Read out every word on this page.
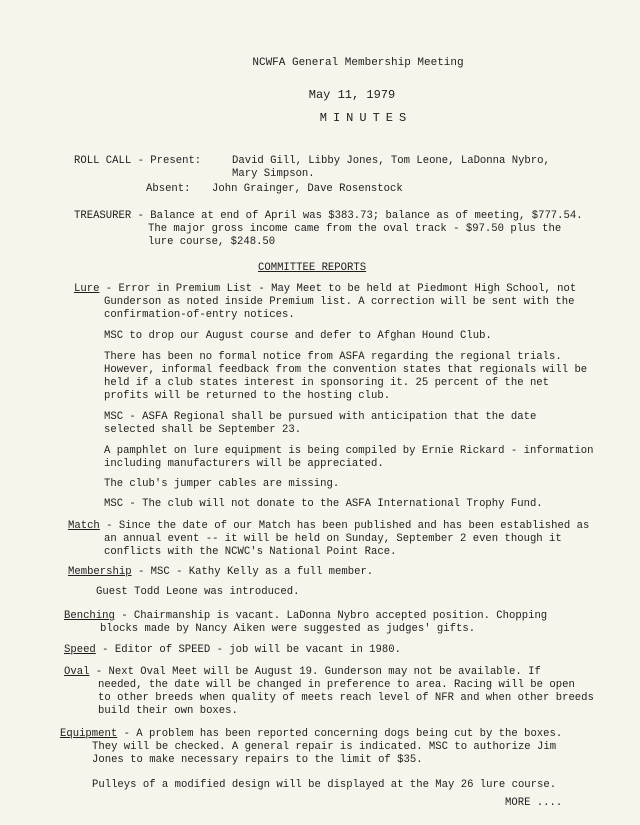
NCWFA General Membership Meeting
May 11, 1979
MINUTES
ROLL CALL - Present:	David Gill, Libby Jones, Tom Leone, LaDonna Nybro,
Mary Simpson.
Absent: John Grainger, Dave Rosenstock
TREASURER - Balance at end of April was $383.73; balance as of meeting, $777.54.
The major gross income came from the oval track - $97.50 plus the
lure course, $248.50
COMMITTEE REPORTS
Lure - Error in Premium List - May Meet to be held at Piedmont High School, not
Gunderson as noted inside Premium list. A correction will be sent with the
confirmation-of-entry notices.
MSC to drop our August course and defer to Afghan Hound Club.
There has been no formal notice from ASFA regarding the regional trials.
However, informal feedback from the convention states that regionals will be
held if a club states interest in sponsoring it. 25 percent of the net
profits will be returned to the hosting club.
MSC - ASFA Regional shall be pursued with anticipation that the date
selected shall be September 23.
A pamphlet on lure equipment is being compiled by Ernie Rickard - information
including manufacturers will be appreciated.
The club's jumper cables are missing.
MSC - The club will not donate to the ASFA International Trophy Fund.
Match - Since the date of our Match has been published and has been established as
an annual event -- it will be held on Sunday, September 2 even though it
conflicts with the NCWC's National Point Race.
Membership - MSC - Kathy Kelly as a full member.
Guest Todd Leone was introduced.
Benching - Chairmanship is vacant. LaDonna Nybro accepted position. Chopping
blocks made by Nancy Aiken were suggested as judges' gifts.
Speed - Editor of SPEED - job will be vacant in 1980.
Oval - Next Oval Meet will be August 19. Gunderson may not be available. If
needed, the date will be changed in preference to area. Racing will be open
to other breeds when quality of meets reach level of NFR and when other breeds
build their own boxes.
Equipment - A problem has been reported concerning dogs being cut by the boxes.
They will be checked. A general repair is indicated. MSC to authorize Jim
Jones to make necessary repairs to the limit of $35.
Pulleys of a modified design will be displayed at the May 26 lure course.
MORE ....
